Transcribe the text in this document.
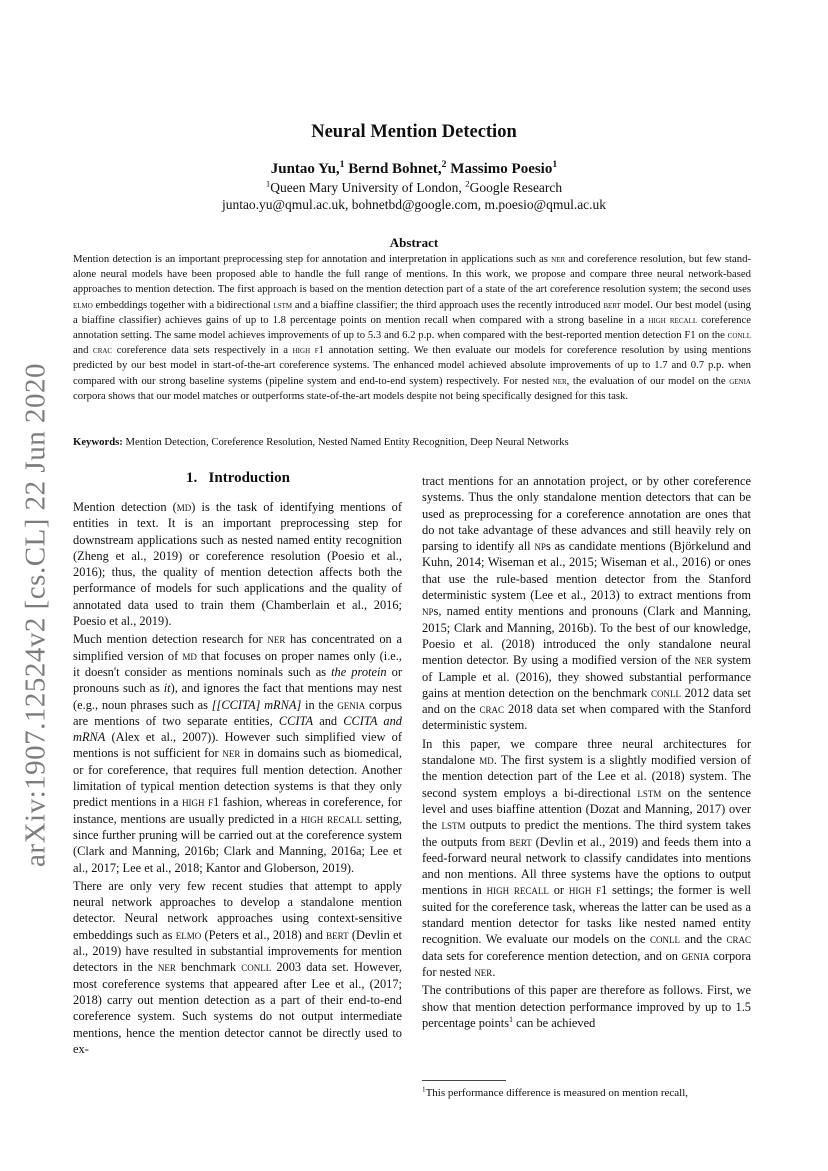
arXiv:1907.12524v2 [cs.CL] 22 Jun 2020
Neural Mention Detection
Juntao Yu,$^1$ Bernd Bohnet,$^2$ Massimo Poesio$^1$
$^1$Queen Mary University of London, $^2$Google Research
juntao.yu@qmul.ac.uk, bohnetbd@google.com, m.poesio@qmul.ac.uk
Abstract

Mention detection is an important preprocessing step for annotation and interpretation in applications such as ner and coreference resolution, but few stand-alone neural models have been proposed able to handle the full range of mentions. In this work, we propose and compare three neural network-based approaches to mention detection. The first approach is based on the mention detection part of a state of the art coreference resolution system; the second uses elmo embeddings together with a bidirectional lstm and a biaffine classifier; the third approach uses the recently introduced bert model. Our best model (using a biaffine classifier) achieves gains of up to 1.8 percentage points on mention recall when compared with a strong baseline in a high recall coreference annotation setting. The same model achieves improvements of up to 5.3 and 6.2 p.p. when compared with the best-reported mention detection F1 on the conll and crac coreference data sets respectively in a high f1 annotation setting. We then evaluate our models for coreference resolution by using mentions predicted by our best model in start-of-the-art coreference systems. The enhanced model achieved absolute improvements of up to 1.7 and 0.7 p.p. when compared with our strong baseline systems (pipeline system and end-to-end system) respectively. For nested ner, the evaluation of our model on the genia corpora shows that our model matches or outperforms state-of-the-art models despite not being specifically designed for this task.

Keywords: Mention Detection, Coreference Resolution, Nested Named Entity Recognition, Deep Neural Networks
1. Introduction

Mention detection (md) is the task of identifying mentions of entities in text. It is an important preprocessing step for downstream applications such as nested named entity recognition (Zheng et al., 2019) or coreference resolution (Poesio et al., 2016); thus, the quality of mention detection affects both the performance of models for such applications and the quality of annotated data used to train them (Chamberlain et al., 2016; Poesio et al., 2019).

Much mention detection research for ner has concentrated on a simplified version of md that focuses on proper names only (i.e., it doesn't consider as mentions nominals such as the protein or pronouns such as it), and ignores the fact that mentions may nest (e.g., noun phrases such as [[CCITA] mRNA] in the genia corpus are mentions of two separate entities, CCITA and CCITA and mRNA (Alex et al., 2007)). However such simplified view of mentions is not sufficient for ner in domains such as biomedical, or for coreference, that requires full mention detection. Another limitation of typical mention detection systems is that they only predict mentions in a high f1 fashion, whereas in coreference, for instance, mentions are usually predicted in a high recall setting, since further pruning will be carried out at the coreference system (Clark and Manning, 2016b; Clark and Manning, 2016a; Lee et al., 2017; Lee et al., 2018; Kantor and Globerson, 2019).

There are only very few recent studies that attempt to apply neural network approaches to develop a standalone mention detector. Neural network approaches using context-sensitive embeddings such as elmo (Peters et al., 2018) and bert (Devlin et al., 2019) have resulted in substantial improvements for mention detectors in the ner benchmark conll 2003 data set. However, most coreference systems that appeared after Lee et al., (2017; 2018) carry out mention detection as a part of their end-to-end coreference system. Such systems do not output intermediate mentions, hence the mention detector cannot be directly used to ex-

tract mentions for an annotation project, or by other coreference systems. Thus the only standalone mention detectors that can be used as preprocessing for a coreference annotation are ones that do not take advantage of these advances and still heavily rely on parsing to identify all nps as candidate mentions (Björkelund and Kuhn, 2014; Wiseman et al., 2015; Wiseman et al., 2016) or ones that use the rule-based mention detector from the Stanford deterministic system (Lee et al., 2013) to extract mentions from nps, named entity mentions and pronouns (Clark and Manning, 2015; Clark and Manning, 2016b). To the best of our knowledge, Poesio et al. (2018) introduced the only standalone neural mention detector. By using a modified version of the ner system of Lample et al. (2016), they showed substantial performance gains at mention detection on the benchmark conll 2012 data set and on the crac 2018 data set when compared with the Stanford deterministic system.

In this paper, we compare three neural architectures for standalone md. The first system is a slightly modified version of the mention detection part of the Lee et al. (2018) system. The second system employs a bi-directional lstm on the sentence level and uses biaffine attention (Dozat and Manning, 2017) over the lstm outputs to predict the mentions. The third system takes the outputs from bert (Devlin et al., 2019) and feeds them into a feed-forward neural network to classify candidates into mentions and non mentions. All three systems have the options to output mentions in high recall or high f1 settings; the former is well suited for the coreference task, whereas the latter can be used as a standard mention detector for tasks like nested named entity recognition. We evaluate our models on the conll and the crac data sets for coreference mention detection, and on genia corpora for nested ner.

The contributions of this paper are therefore as follows. First, we show that mention detection performance improved by up to 1.5 percentage points$^1$ can be achieved

$^1$This performance difference is measured on mention recall,
